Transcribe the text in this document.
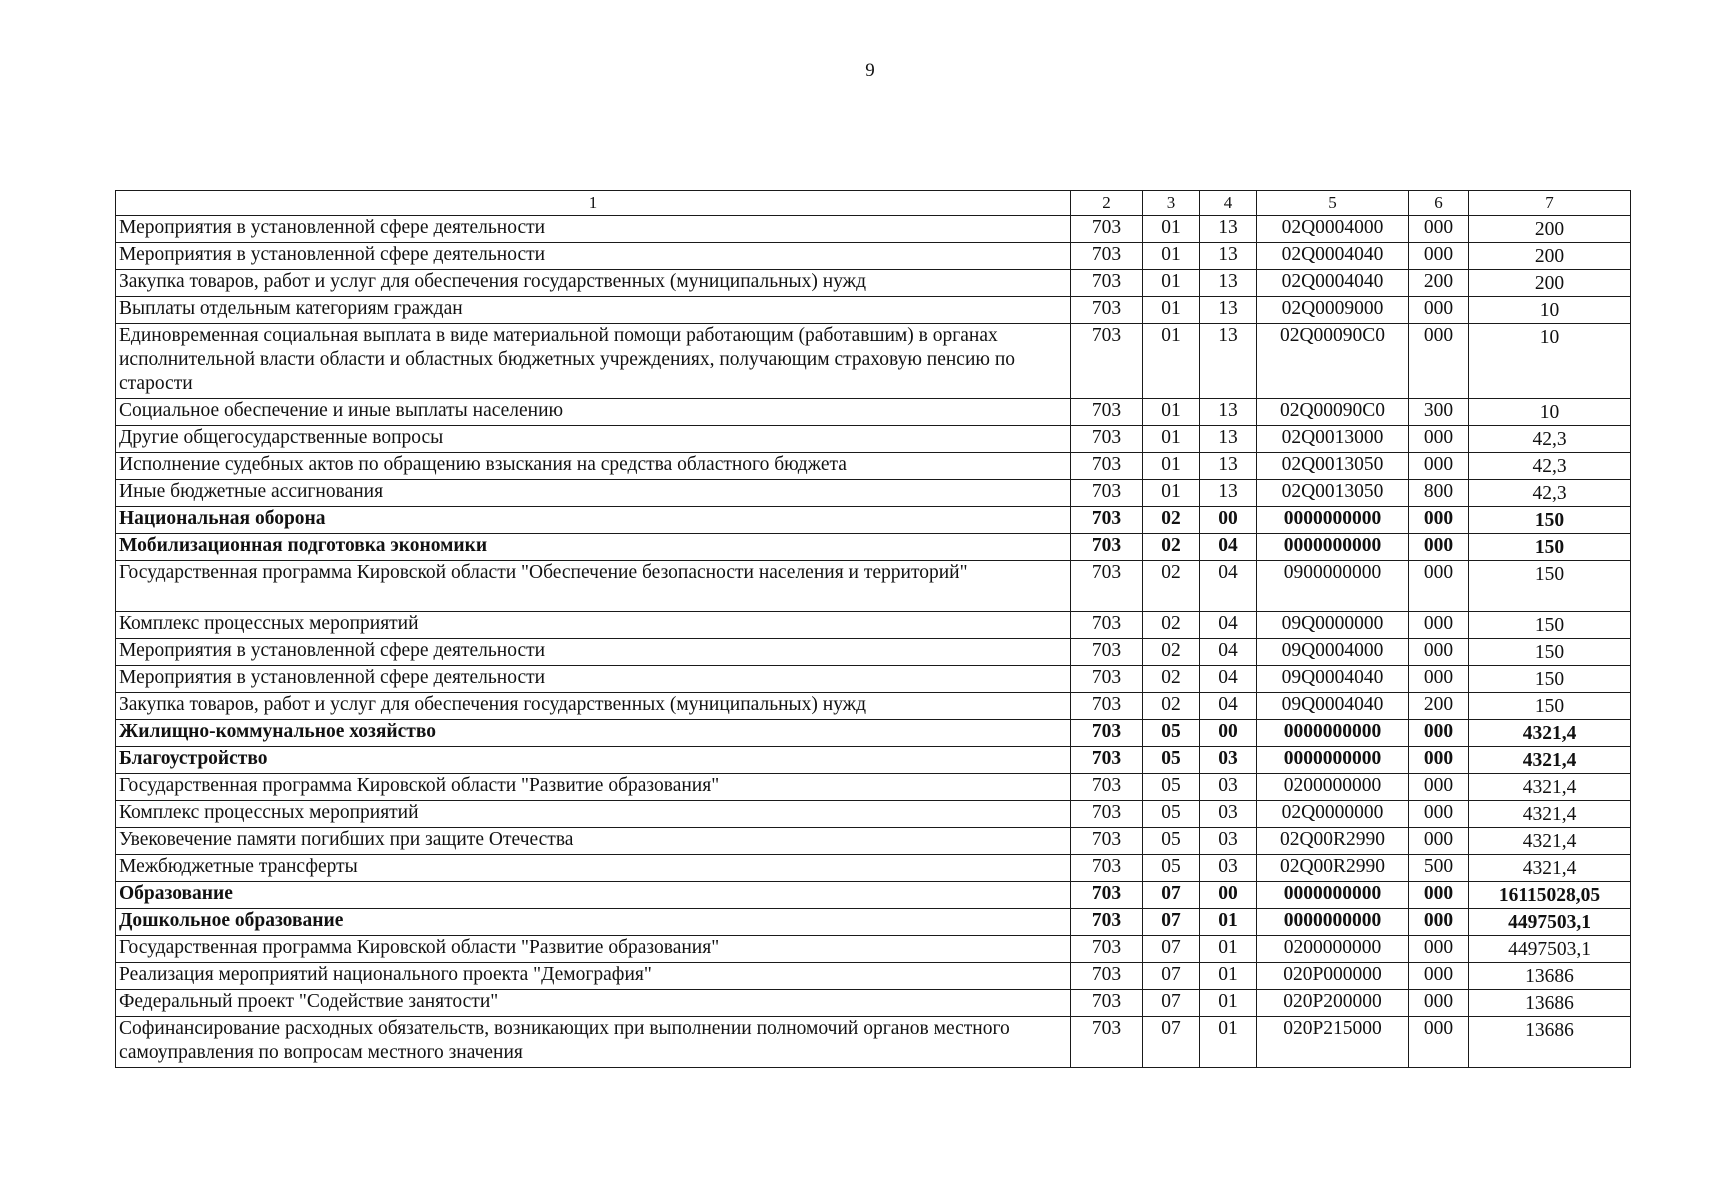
9
1	2	3	4	5	6	7
Мероприятия в установленной сфере деятельности	703	01	13	02Q0004000	000	200
Мероприятия в установленной сфере деятельности	703	01	13	02Q0004040	000	200
Закупка товаров, работ и услуг для обеспечения государственных (муниципальных) нужд	703	01	13	02Q0004040	200	200
Выплаты отдельным категориям граждан	703	01	13	02Q0009000	000	10
Единовременная социальная выплата в виде материальной помощи работающим (работавшим) в органах исполнительной власти области и областных бюджетных учреждениях, получающим страховую пенсию по старости	703	01	13	02Q00090C0	000	10
Социальное обеспечение и иные выплаты населению	703	01	13	02Q00090C0	300	10
Другие общегосударственные вопросы	703	01	13	02Q0013000	000	42,3
Исполнение судебных актов по обращению взыскания на средства областного бюджета	703	01	13	02Q0013050	000	42,3
Иные бюджетные ассигнования	703	01	13	02Q0013050	800	42,3
Национальная оборона	703	02	00	0000000000	000	150
Мобилизационная подготовка экономики	703	02	04	0000000000	000	150
Государственная программа Кировской области "Обеспечение безопасности населения и территорий"	703	02	04	0900000000	000	150
Комплекс процессных мероприятий	703	02	04	09Q0000000	000	150
Мероприятия в установленной сфере деятельности	703	02	04	09Q0004000	000	150
Мероприятия в установленной сфере деятельности	703	02	04	09Q0004040	000	150
Закупка товаров, работ и услуг для обеспечения государственных (муниципальных) нужд	703	02	04	09Q0004040	200	150
Жилищно-коммунальное хозяйство	703	05	00	0000000000	000	4321,4
Благоустройство	703	05	03	0000000000	000	4321,4
Государственная программа Кировской области "Развитие образования"	703	05	03	0200000000	000	4321,4
Комплекс процессных мероприятий	703	05	03	02Q0000000	000	4321,4
Увековечение памяти погибших при защите Отечества	703	05	03	02Q00R2990	000	4321,4
Межбюджетные трансферты	703	05	03	02Q00R2990	500	4321,4
Образование	703	07	00	0000000000	000	16115028,05
Дошкольное образование	703	07	01	0000000000	000	4497503,1
Государственная программа Кировской области "Развитие образования"	703	07	01	0200000000	000	4497503,1
Реализация мероприятий национального проекта "Демография"	703	07	01	020P000000	000	13686
Федеральный проект "Содействие занятости"	703	07	01	020P200000	000	13686
Софинансирование расходных обязательств, возникающих при выполнении полномочий органов местного самоуправления по вопросам местного значения	703	07	01	020P215000	000	13686
